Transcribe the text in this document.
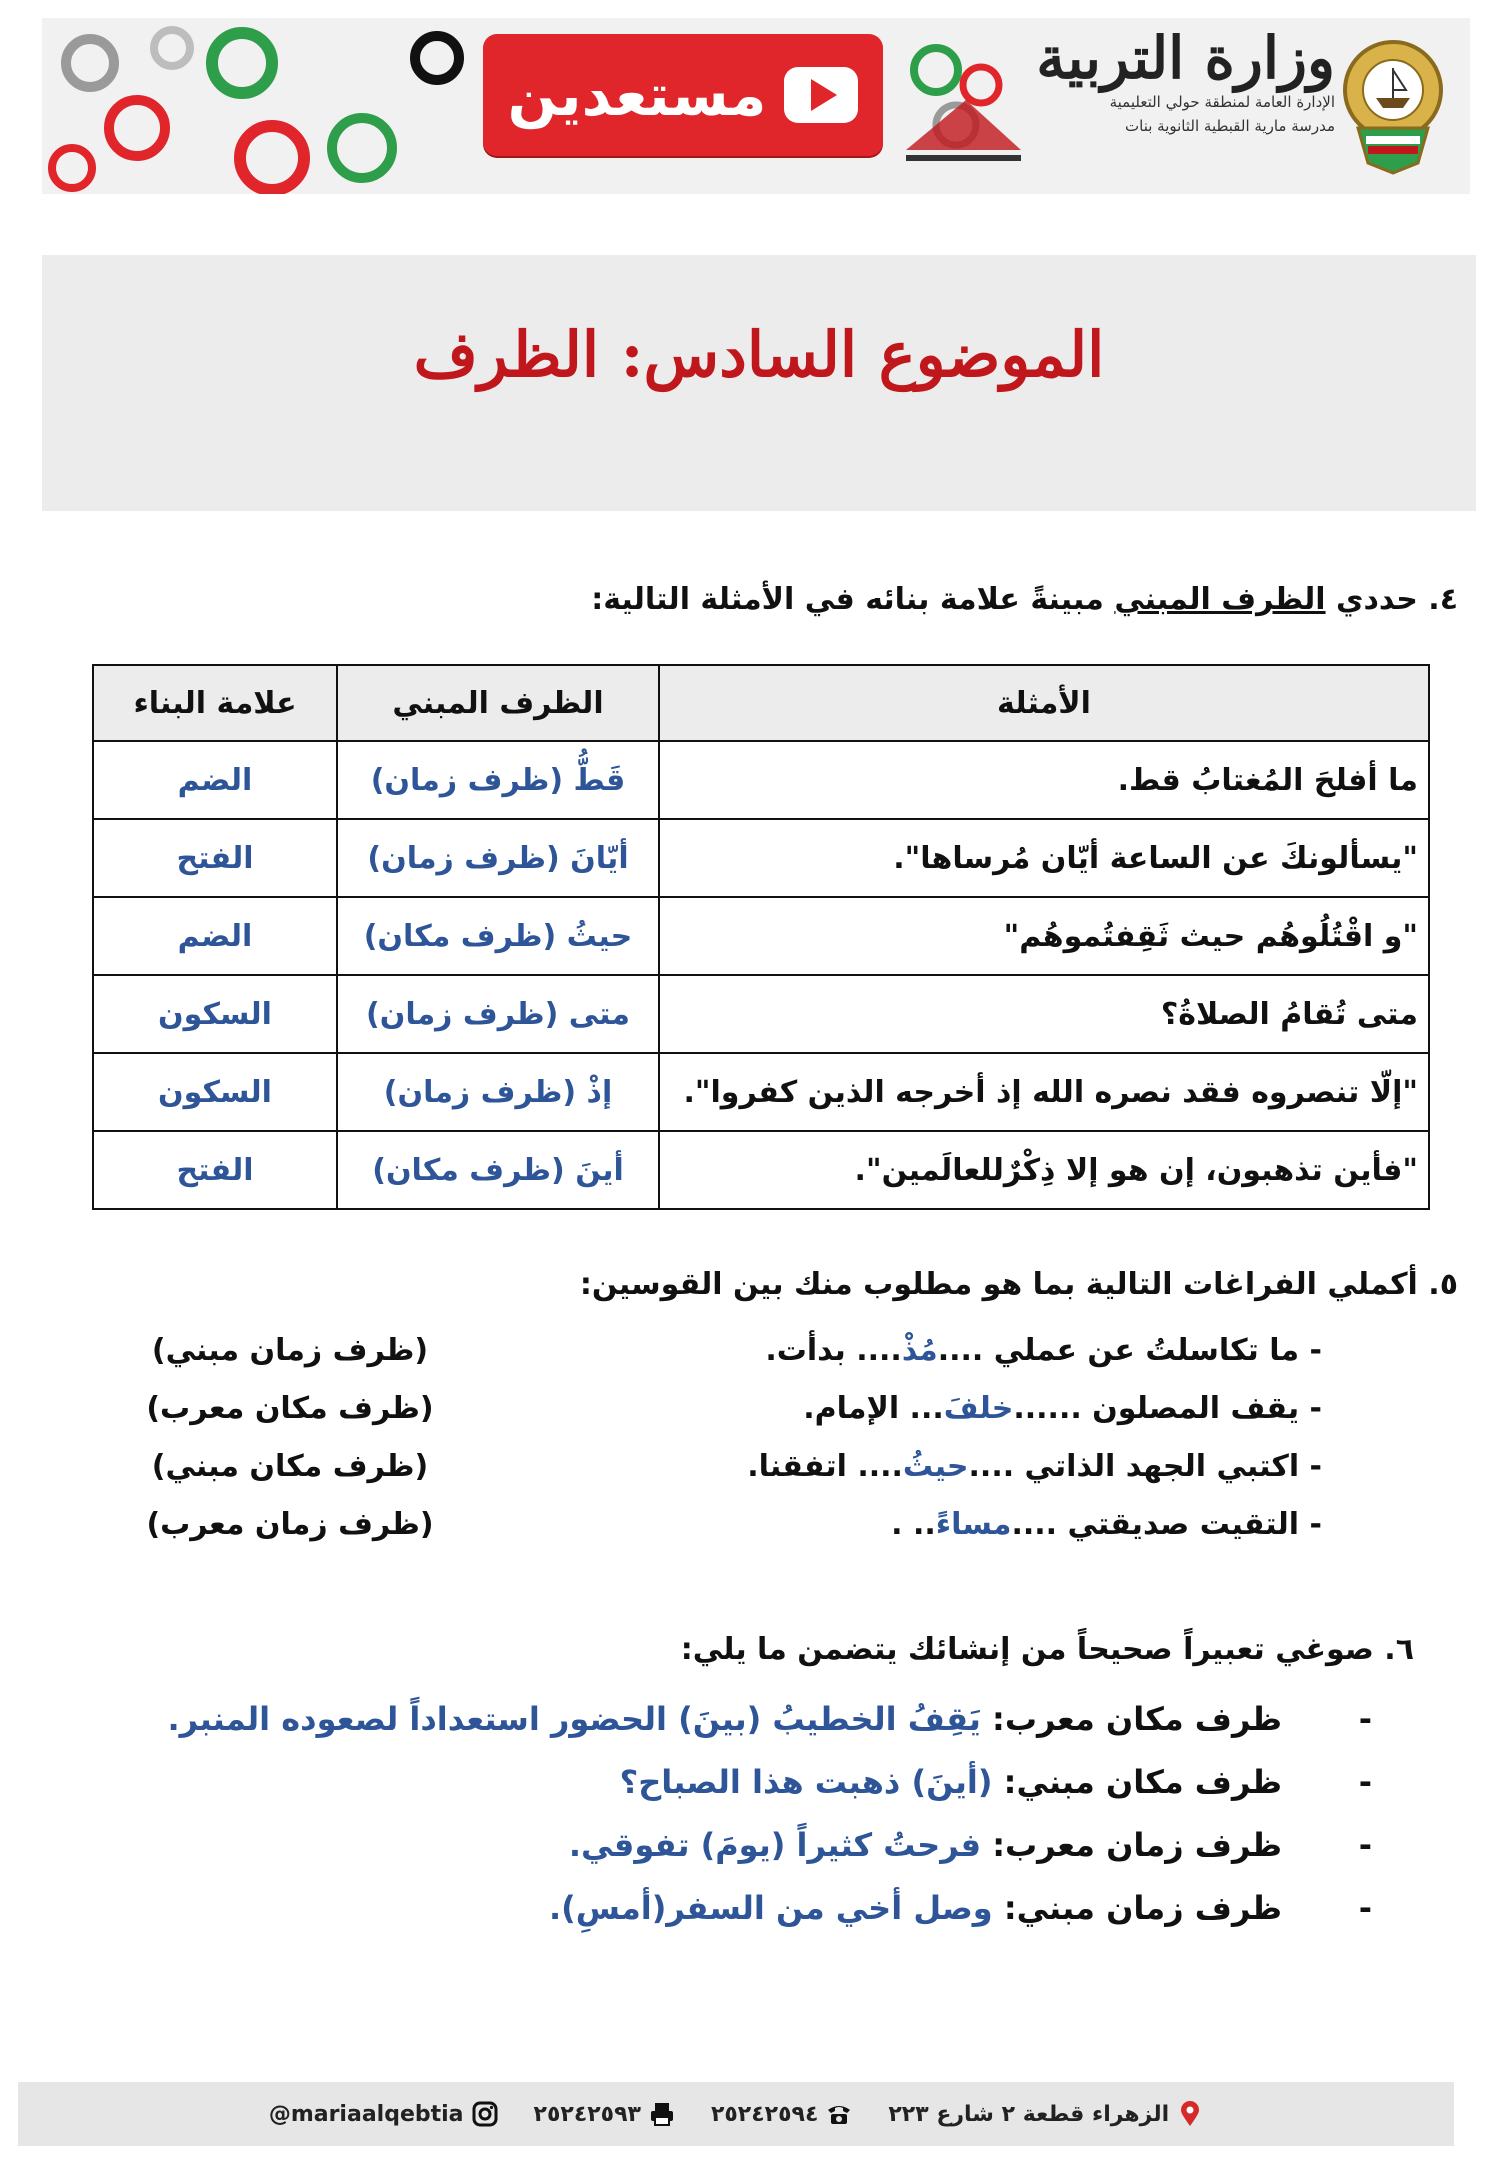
مستعدين
وزارة التربية
الإدارة العامة لمنطقة حولي التعليمية
مدرسة مارية القبطية الثانوية بنات
الموضوع السادس: الظرف
٤. حددي الظرف المبني مبينةً علامة بنائه في الأمثلة التالية:
الأمثلة	الظرف المبني	علامة البناء
ما أفلحَ المُغتابُ قط.	قَطُّ (ظرف زمان)	الضم
"يسألونكَ عن الساعة أيّان مُرساها".	أيّانَ (ظرف زمان)	الفتح
"و اقْتُلُوهُم حيث ثَقِفتُموهُم"	حيثُ (ظرف مكان)	الضم
متى تُقامُ الصلاةُ؟	متى (ظرف زمان)	السكون
"إلّا تنصروه فقد نصره الله إذ أخرجه الذين كفروا".	إذْ (ظرف زمان)	السكون
"فأين تذهبون، إن هو إلا ذِكْرٌللعالَمين".	أينَ (ظرف مكان)	الفتح
٥. أكملي الفراغات التالية بما هو مطلوب منك بين القوسين:
- ما تكاسلتُ عن عملي ....مُذْ.... بدأت.
(ظرف زمان مبني)
- يقف المصلون ......خلفَ... الإمام.
(ظرف مكان معرب)
- اكتبي الجهد الذاتي ....حيثُ.... اتفقنا.
(ظرف مكان مبني)
- التقيت صديقتي ....مساءً.. .
(ظرف زمان معرب)
٦. صوغي تعبيراً صحيحاً من إنشائك يتضمن ما يلي:
-ظرف مكان معرب: يَقِفُ الخطيبُ (بينَ) الحضور استعداداً لصعوده المنبر.
-ظرف مكان مبني: (أينَ) ذهبت هذا الصباح؟
-ظرف زمان معرب: فرحتُ كثيراً (يومَ) تفوقي.
-ظرف زمان مبني: وصل أخي من السفر(أمسِ).
@mariaalqebtia	٢٥٢٤٢٥٩٣	٢٥٢٤٢٥٩٤	الزهراء قطعة ٢ شارع ٢٢٣
